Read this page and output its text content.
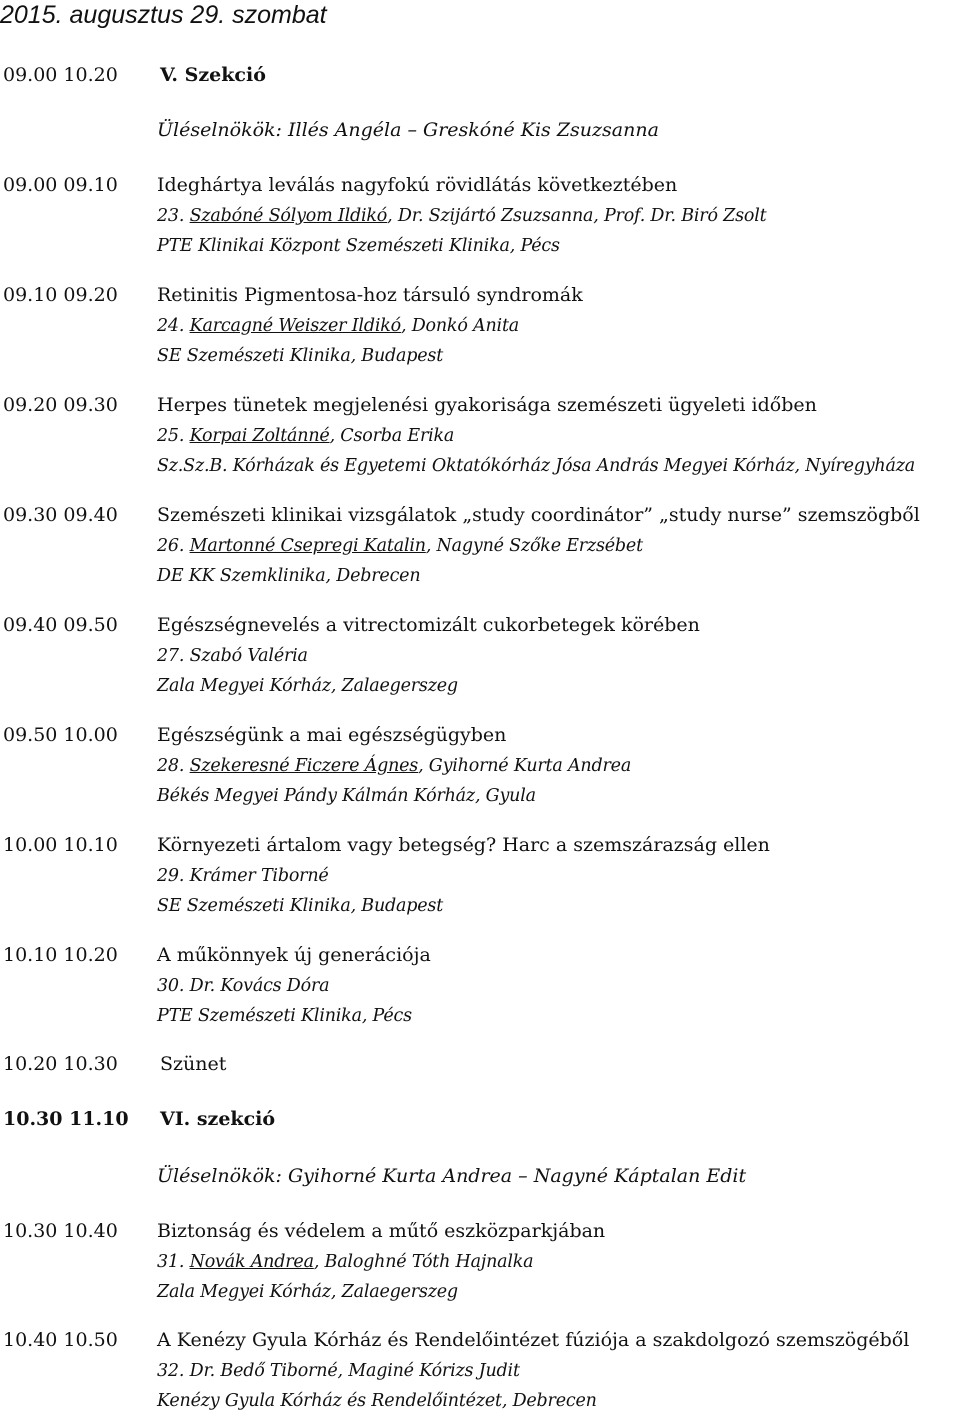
2015. augusztus 29. szombat
09.00 10.20	V. Szekció
Üléselnökök: Illés Angéla – Greskóné Kis Zsuzsanna
09.00 09.10 Ideghártya leválás nagyfokú rövidlátás következtében
23. Szabóné Sólyom Ildikó, Dr. Szijártó Zsuzsanna, Prof. Dr. Biró Zsolt
PTE Klinikai Központ Szemészeti Klinika, Pécs
09.10 09.20 Retinitis Pigmentosa-hoz társuló syndromák
24. Karcagné Weiszer Ildikó, Donkó Anita
SE Szemészeti Klinika, Budapest
09.20 09.30 Herpes tünetek megjelenési gyakorisága szemészeti ügyeleti időben
25. Korpai Zoltánné, Csorba Erika
Sz.Sz.B. Kórházak és Egyetemi Oktatókórház Jósa András Megyei Kórház, Nyíregyháza
09.30 09.40 Szemészeti klinikai vizsgálatok „study coordinátor” „study nurse” szemszögből
26. Martonné Csepregi Katalin, Nagyné Szőke Erzsébet
DE KK Szemklinika, Debrecen
09.40 09.50 Egészségnevelés a vitrectomizált cukorbetegek körében
27. Szabó Valéria
Zala Megyei Kórház, Zalaegerszeg
09.50 10.00 Egészségünk a mai egészségügyben
28. Szekeresné Ficzere Ágnes, Gyihorné Kurta Andrea
Békés Megyei Pándy Kálmán Kórház, Gyula
10.00 10.10 Környezeti ártalom vagy betegség? Harc a szemszárazság ellen
29. Krámer Tiborné
SE Szemészeti Klinika, Budapest
10.10 10.20 A műkönnyek új generációja
30. Dr. Kovács Dóra
PTE Szemészeti Klinika, Pécs
10.20 10.30	Szünet
10.30 11.10	VI. szekció
Üléselnökök: Gyihorné Kurta Andrea – Nagyné Káptalan Edit
10.30 10.40 Biztonság és védelem a műtő eszközparkjában
31. Novák Andrea, Baloghné Tóth Hajnalka
Zala Megyei Kórház, Zalaegerszeg
10.40 10.50 A Kenézy Gyula Kórház és Rendelőintézet fúziója a szakdolgozó szemszögéből
32. Dr. Bedő Tiborné, Maginé Kórizs Judit
Kenézy Gyula Kórház és Rendelőintézet, Debrecen
